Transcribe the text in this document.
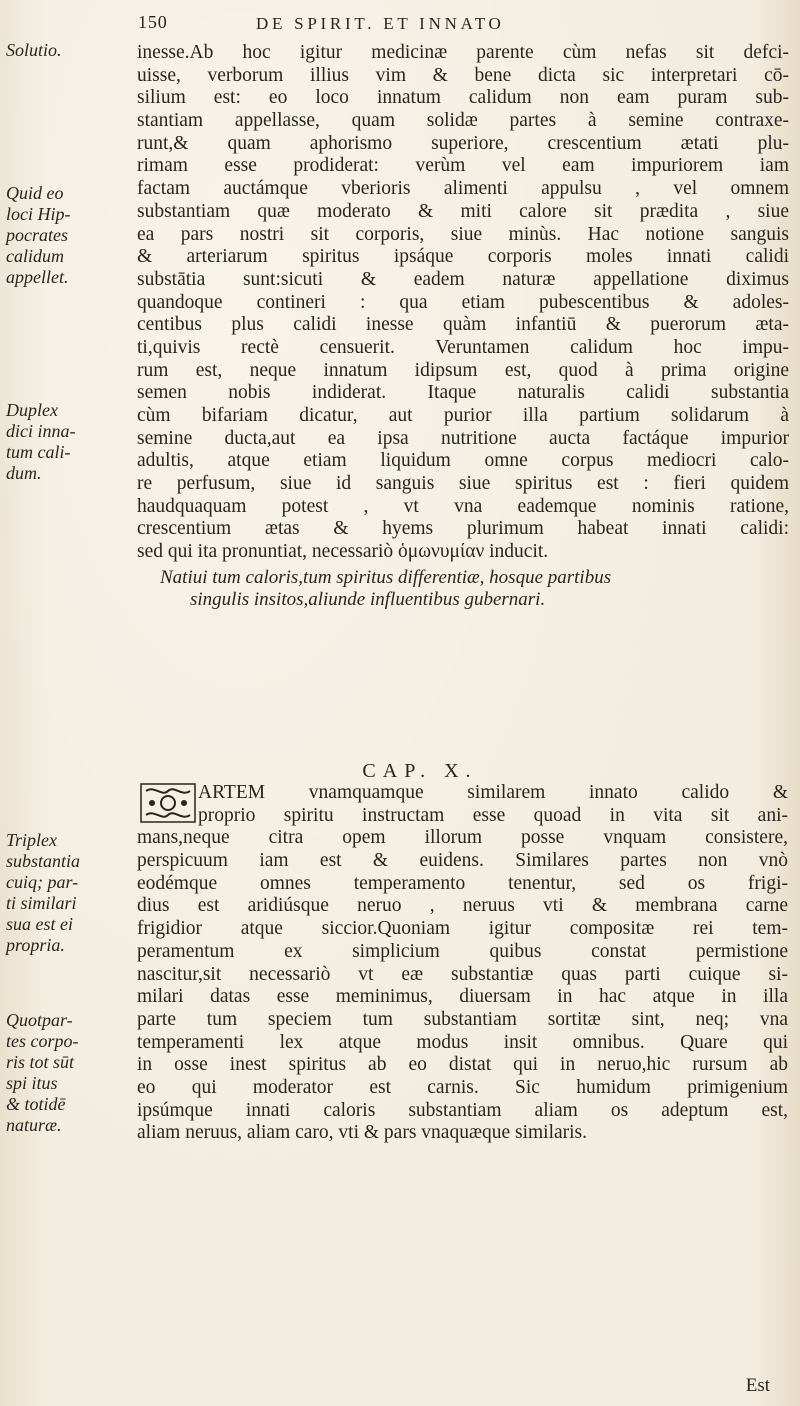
150	DE SPIRIT. ET INNATO
Solutio.
Quid eo
loci Hip-
pocrates
calidum
appellet.
Duplex
dici inna-
tum cali-
dum.
Triplex
substantia
cuiq; par-
ti similari
sua est ei
propria.
Quotpar-
tes corpo-
ris tot sūt
spi itus
& totidē
naturæ.
inesse.Ab hoc igitur medicinæ parente cùm nefas sit defci-
uisse, verborum illius vim & bene dicta sic interpretari cō-
silium est: eo loco innatum calidum non eam puram sub-
stantiam appellasse, quam solidæ partes à semine contraxe-
runt,& quam aphorismo superiore, crescentium ætati plu-
rimam esse prodiderat: verùm vel eam impuriorem iam
factam auctámque vberioris alimenti appulsu , vel omnem
substantiam quæ moderato & miti calore sit prædita , siue
ea pars nostri sit corporis, siue minùs. Hac notione sanguis
& arteriarum spiritus ipsáque corporis moles innati calidi
substātia sunt:sicuti & eadem naturæ appellatione diximus
quandoque contineri : qua etiam pubescentibus & adoles-
centibus plus calidi inesse quàm infantiū & puerorum æta-
ti,quivis rectè censuerit. Veruntamen calidum hoc impu-
rum est, neque innatum idipsum est, quod à prima origine
semen nobis indiderat. Itaque naturalis calidi substantia
cùm bifariam dicatur, aut purior illa partium solidarum à
semine ducta,aut ea ipsa nutritione aucta factáque impurior
adultis, atque etiam liquidum omne corpus mediocri calo-
re perfusum, siue id sanguis siue spiritus est : fieri quidem
haudquaquam potest , vt vna eademque nominis ratione,
crescentium ætas & hyems plurimum habeat innati calidi:
sed qui ita pronuntiat, necessariò ὁμωνυμίαν inducit.
Natiui tum caloris,tum spiritus differentiæ, hosque partibus
singulis insitos,aliunde influentibus gubernari.
CAP. X.
ARTEM vnamquamque similarem innato calido &
proprio spiritu instructam esse quoad in vita sit ani-
mans,neque citra opem illorum posse vnquam consistere,
perspicuum iam est & euidens. Similares partes non vnò
eodémque omnes temperamento tenentur, sed os frigi-
dius est aridiúsque neruo , neruus vti & membrana carne
frigidior atque siccior.Quoniam igitur compositæ rei tem-
peramentum ex simplicium quibus constat permistione
nascitur,sit necessariò vt eæ substantiæ quas parti cuique si-
milari datas esse meminimus, diuersam in hac atque in illa
parte tum speciem tum substantiam sortitæ sint, neq; vna
temperamenti lex atque modus insit omnibus. Quare qui
in osse inest spiritus ab eo distat qui in neruo,hic rursum ab
eo qui moderator est carnis. Sic humidum primigenium
ipsúmque innati caloris substantiam aliam os adeptum est,
aliam neruus, aliam caro, vti & pars vnaquæque similaris.
Est
